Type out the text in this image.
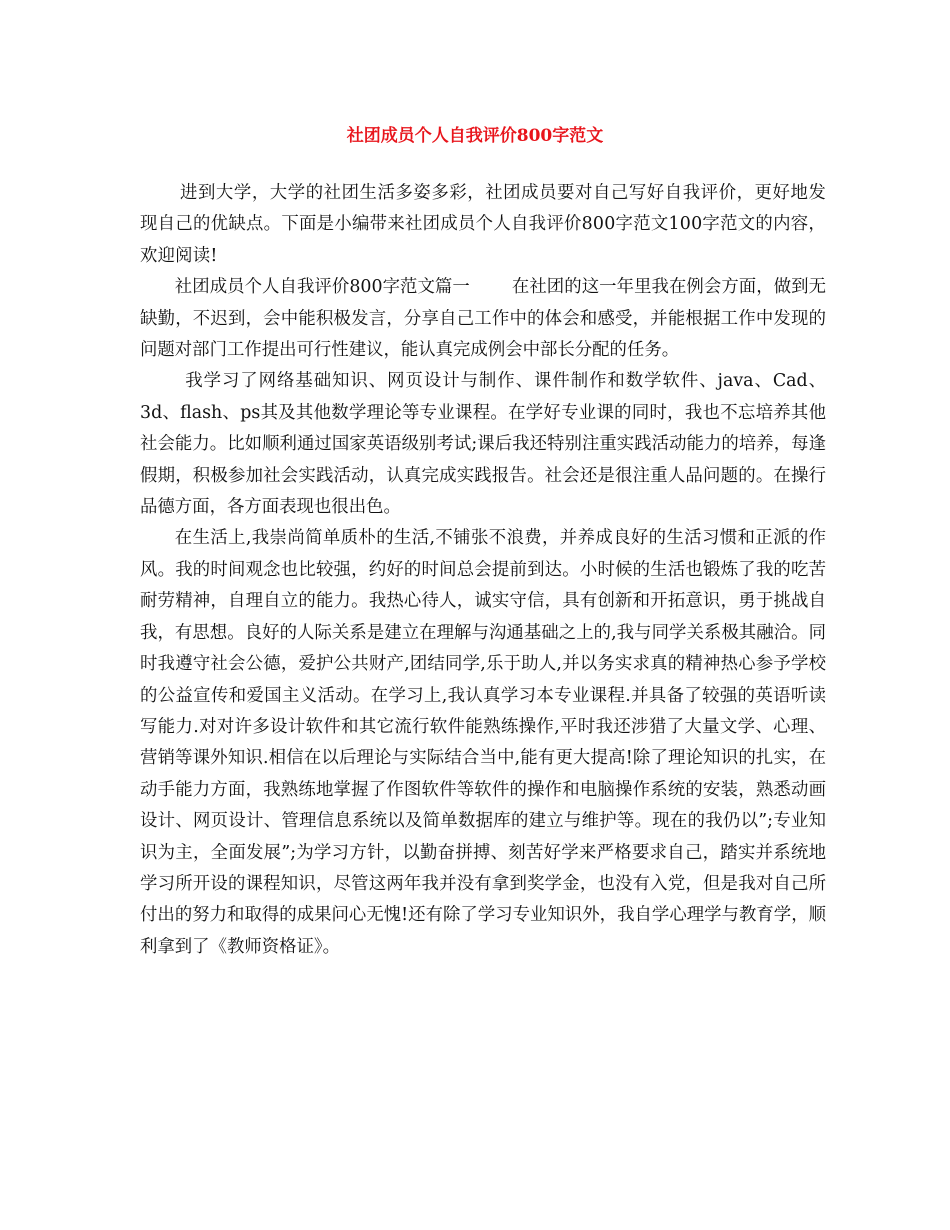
社团成员个人自我评价800字范文

进到大学，大学的社团生活多姿多彩，社团成员要对自己写好自我评价，更好地发现自己的优缺点。下面是小编带来社团成员个人自我评价800字范文100字范文的内容，欢迎阅读!

社团成员个人自我评价800字范文篇一 在社团的这一年里我在例会方面，做到无缺勤，不迟到，会中能积极发言，分享自己工作中的体会和感受，并能根据工作中发现的问题对部门工作提出可行性建议，能认真完成例会中部长分配的任务。

我学习了网络基础知识、网页设计与制作、课件制作和数学软件、java、Cad、3d、flash、ps其及其他数学理论等专业课程。在学好专业课的同时，我也不忘培养其他社会能力。比如顺利通过国家英语级别考试;课后我还特别注重实践活动能力的培养，每逢假期，积极参加社会实践活动，认真完成实践报告。社会还是很注重人品问题的。在操行品德方面，各方面表现也很出色。

在生活上,我崇尚简单质朴的生活,不铺张不浪费，并养成良好的生活习惯和正派的作风。我的时间观念也比较强，约好的时间总会提前到达。小时候的生活也锻炼了我的吃苦耐劳精神，自理自立的能力。我热心待人，诚实守信，具有创新和开拓意识，勇于挑战自我，有思想。良好的人际关系是建立在理解与沟通基础之上的,我与同学关系极其融洽。同时我遵守社会公德，爱护公共财产,团结同学,乐于助人,并以务实求真的精神热心参予学校的公益宣传和爱国主义活动。在学习上,我认真学习本专业课程.并具备了较强的英语听读写能力.对对许多设计软件和其它流行软件能熟练操作,平时我还涉猎了大量文学、心理、营销等课外知识.相信在以后理论与实际结合当中,能有更大提高!除了理论知识的扎实，在动手能力方面，我熟练地掌握了作图软件等软件的操作和电脑操作系统的安装，熟悉动画设计、网页设计、管理信息系统以及简单数据库的建立与维护等。现在的我仍以”;专业知识为主，全面发展”;为学习方针，以勤奋拼搏、刻苦好学来严格要求自己，踏实并系统地学习所开设的课程知识，尽管这两年我并没有拿到奖学金，也没有入党，但是我对自己所付出的努力和取得的成果问心无愧!还有除了学习专业知识外，我自学心理学与教育学，顺利拿到了《教师资格证》。
